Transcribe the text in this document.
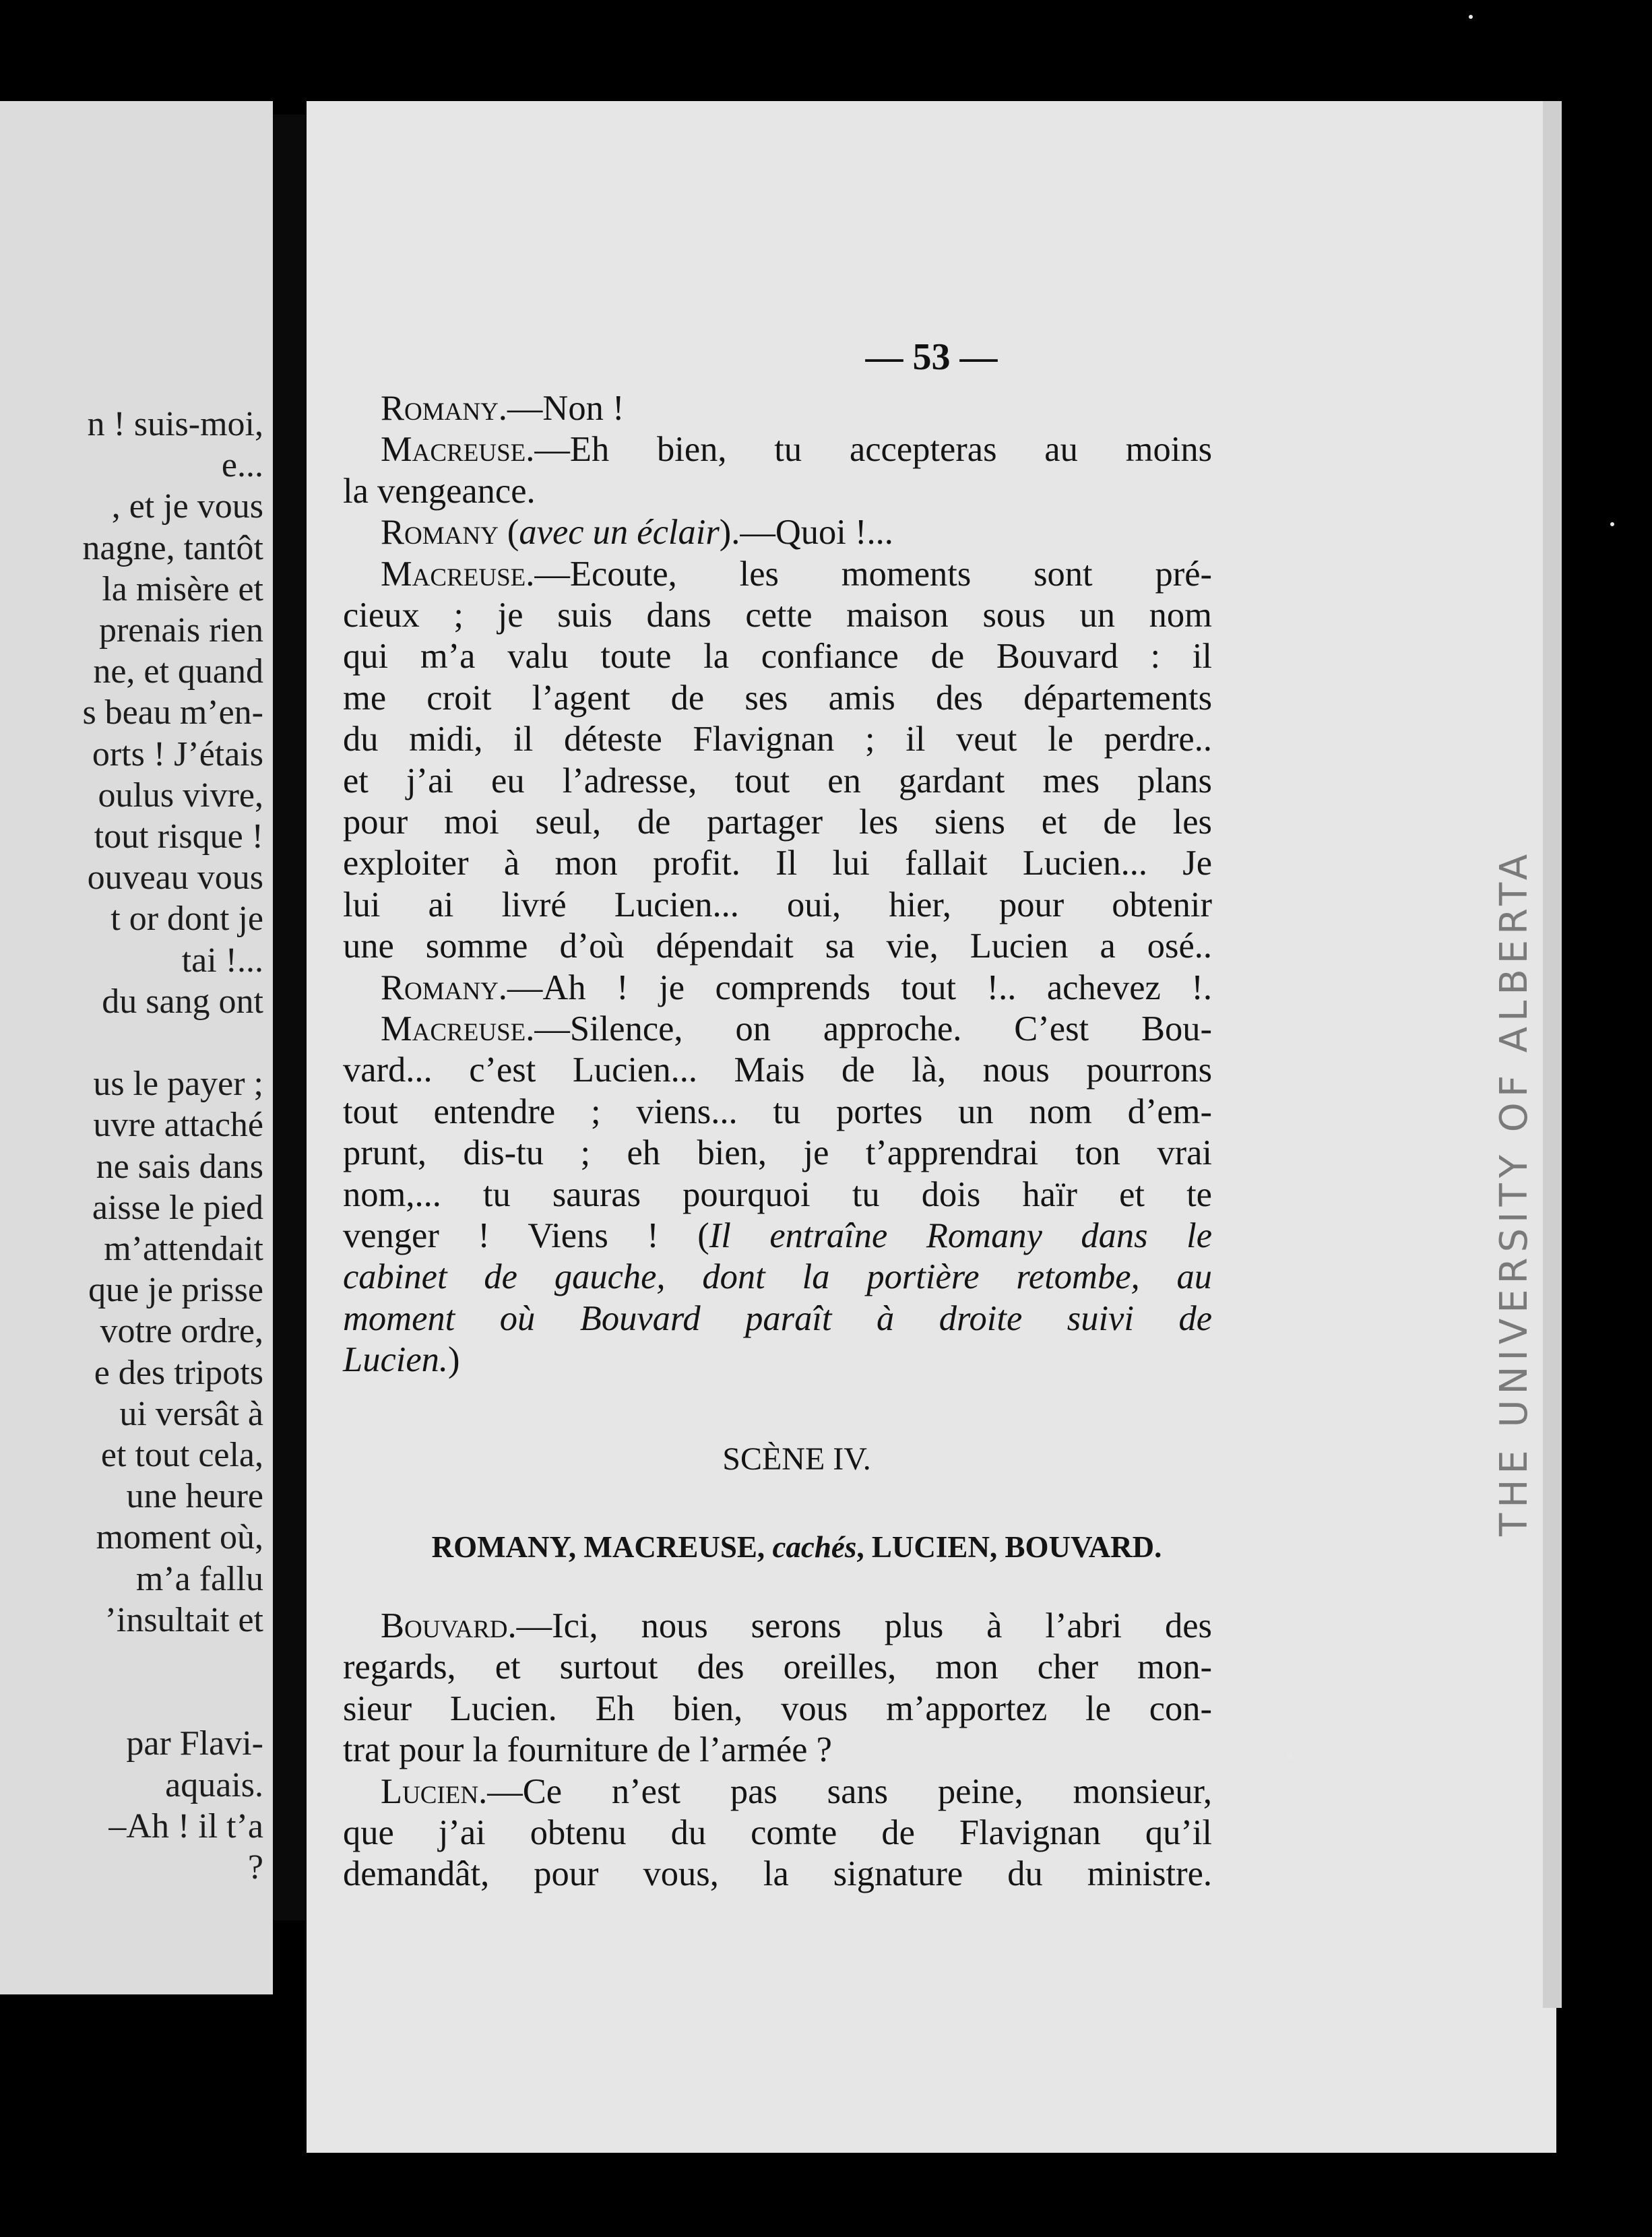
n ! suis-moi,
e...
, et je vous
nagne, tantôt
la misère et
prenais rien
ne, et quand
s beau m’en-
orts ! J’étais
oulus vivre,
tout risque !
ouveau vous
t or dont je
tai !...
du sang ont
us le payer ;
uvre attaché
ne sais dans
aisse le pied
m’attendait
que je prisse
votre ordre,
e des tripots
ui versât à
et tout cela,
une heure
moment où,
m’a fallu
’insultait et
par Flavi-
aquais.
–Ah ! il t’a
?
— 53 —
Romany.—Non !
Macreuse.—Eh bien, tu accepteras au moins
la vengeance.
Romany (avec un éclair).—Quoi !...
Macreuse.—Ecoute, les moments sont pré-
cieux ; je suis dans cette maison sous un nom
qui m’a valu toute la confiance de Bouvard : il
me croit l’agent de ses amis des départements
du midi, il déteste Flavignan ; il veut le perdre..
et j’ai eu l’adresse, tout en gardant mes plans
pour moi seul, de partager les siens et de les
exploiter à mon profit. Il lui fallait Lucien... Je
lui ai livré Lucien... oui, hier, pour obtenir
une somme d’où dépendait sa vie, Lucien a osé..
Romany.—Ah ! je comprends tout !.. achevez !.
Macreuse.—Silence, on approche. C’est Bou-
vard... c’est Lucien... Mais de là, nous pourrons
tout entendre ; viens... tu portes un nom d’em-
prunt, dis-tu ; eh bien, je t’apprendrai ton vrai
nom,... tu sauras pourquoi tu dois haïr et te
venger ! Viens ! (Il entraîne Romany dans le
cabinet de gauche, dont la portière retombe, au
moment où Bouvard paraît à droite suivi de
Lucien.)
SCÈNE IV.
ROMANY, MACREUSE, cachés, LUCIEN, BOUVARD.
Bouvard.—Ici, nous serons plus à l’abri des
regards, et surtout des oreilles, mon cher mon-
sieur Lucien. Eh bien, vous m’apportez le con-
trat pour la fourniture de l’armée ?
Lucien.—Ce n’est pas sans peine, monsieur,
que j’ai obtenu du comte de Flavignan qu’il
demandât, pour vous, la signature du ministre.
THE UNIVERSITY OF ALBERTA
